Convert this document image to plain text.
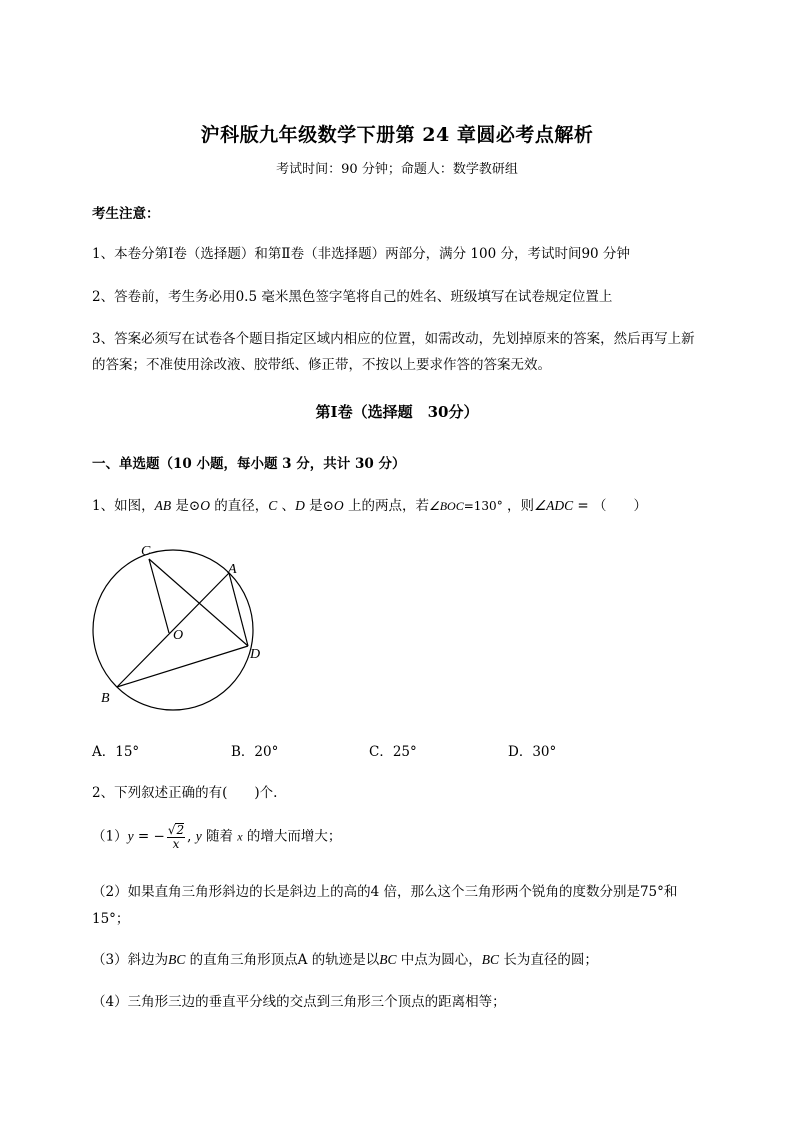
沪科版九年级数学下册第 24 章圆必考点解析
考试时间：90 分钟；命题人：数学教研组
考生注意：
1、本卷分第Ⅰ卷（选择题）和第Ⅱ卷（非选择题）两部分，满分 100 分，考试时间90 分钟
2、答卷前，考生务必用0.5 毫米黑色签字笔将自己的姓名、班级填写在试卷规定位置上
3、答案必须写在试卷各个题目指定区域内相应的位置，如需改动，先划掉原来的答案，然后再写上新
的答案；不准使用涂改液、胶带纸、修正带，不按以上要求作答的答案无效。
第Ⅰ卷（选择题　30分）
一、单选题（10 小题，每小题 3 分，共计 30 分）
1、如图，AB 是⊙O 的直径，C 、D 是⊙O 上的两点，若∠BOC=130° ，则∠ADC = （　　）
C
A
O
D
B
A．15°	B．20°	C．25°	D．30°
2、下列叙述正确的有(　　)个.
（1）y = − $\frac{√2}{x}$ , y 随着 x 的增大而增大；
（2）如果直角三角形斜边的长是斜边上的高的4 倍，那么这个三角形两个锐角的度数分别是75°和
15°；
（3）斜边为BC 的直角三角形顶点A 的轨迹是以BC 中点为圆心，BC 长为直径的圆；
（4）三角形三边的垂直平分线的交点到三角形三个顶点的距离相等；
